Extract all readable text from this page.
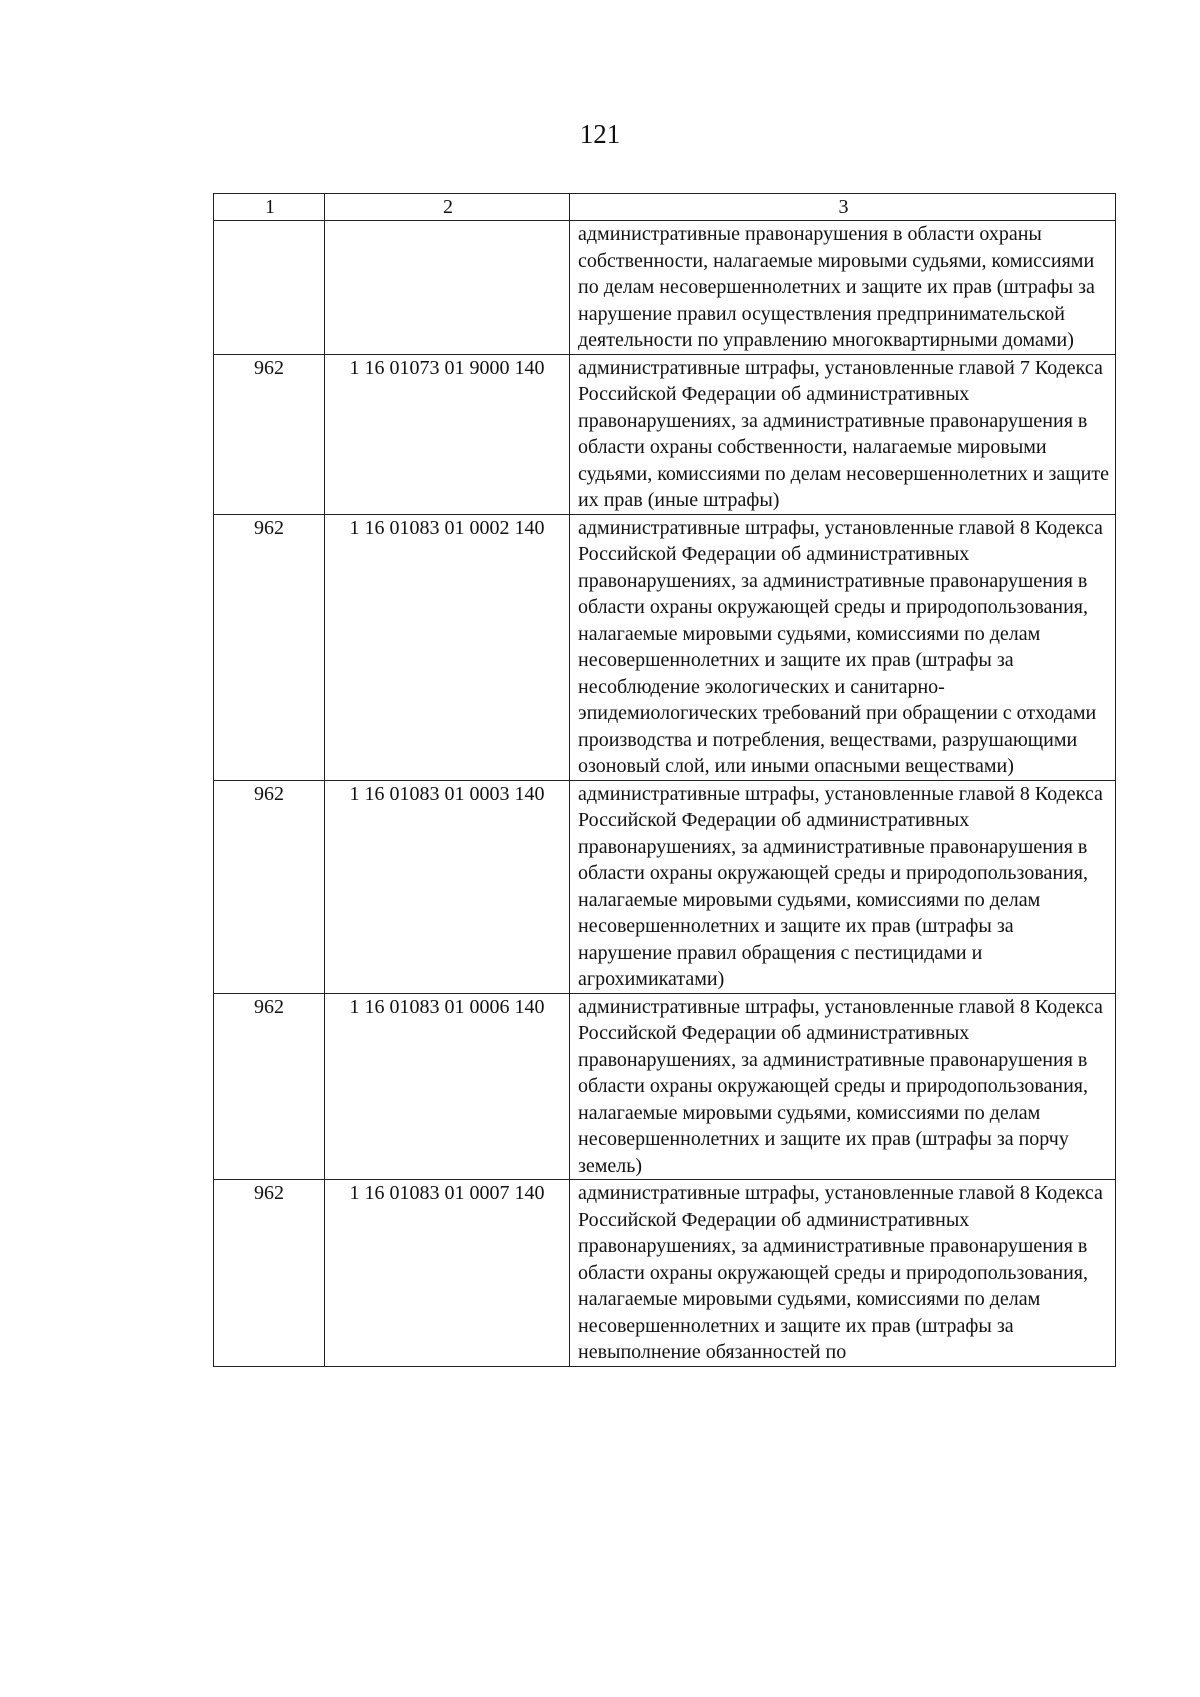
121
1	2	3
		административные правонарушения в области охраны собственности, налагаемые мировыми судьями, комиссиями по делам несовершеннолетних и защите их прав (штрафы за нарушение правил осуществления предпринимательской деятельности по управлению многоквартирными домами)
962	1 16 01073 01 9000 140	административные штрафы, установленные главой 7 Кодекса Российской Федерации об административных правонарушениях, за административные правонарушения в области охраны собственности, налагаемые мировыми судьями, комиссиями по делам несовершеннолетних и защите их прав (иные штрафы)
962	1 16 01083 01 0002 140	административные штрафы, установленные главой 8 Кодекса Российской Федерации об административных правонарушениях, за административные правонарушения в области охраны окружающей среды и природопользования, налагаемые мировыми судьями, комиссиями по делам несовершеннолетних и защите их прав (штрафы за несоблюдение экологических и санитарно-эпидемиологических требований при обращении с отходами производства и потребления, веществами, разрушающими озоновый слой, или иными опасными веществами)
962	1 16 01083 01 0003 140	административные штрафы, установленные главой 8 Кодекса Российской Федерации об административных правонарушениях, за административные правонарушения в области охраны окружающей среды и природопользования, налагаемые мировыми судьями, комиссиями по делам несовершеннолетних и защите их прав (штрафы за нарушение правил обращения с пестицидами и агрохимикатами)
962	1 16 01083 01 0006 140	административные штрафы, установленные главой 8 Кодекса Российской Федерации об административных правонарушениях, за административные правонарушения в области охраны окружающей среды и природопользования, налагаемые мировыми судьями, комиссиями по делам несовершеннолетних и защите их прав (штрафы за порчу земель)
962	1 16 01083 01 0007 140	административные штрафы, установленные главой 8 Кодекса Российской Федерации об административных правонарушениях, за административные правонарушения в области охраны окружающей среды и природопользования, налагаемые мировыми судьями, комиссиями по делам несовершеннолетних и защите их прав (штрафы за невыполнение обязанностей по
